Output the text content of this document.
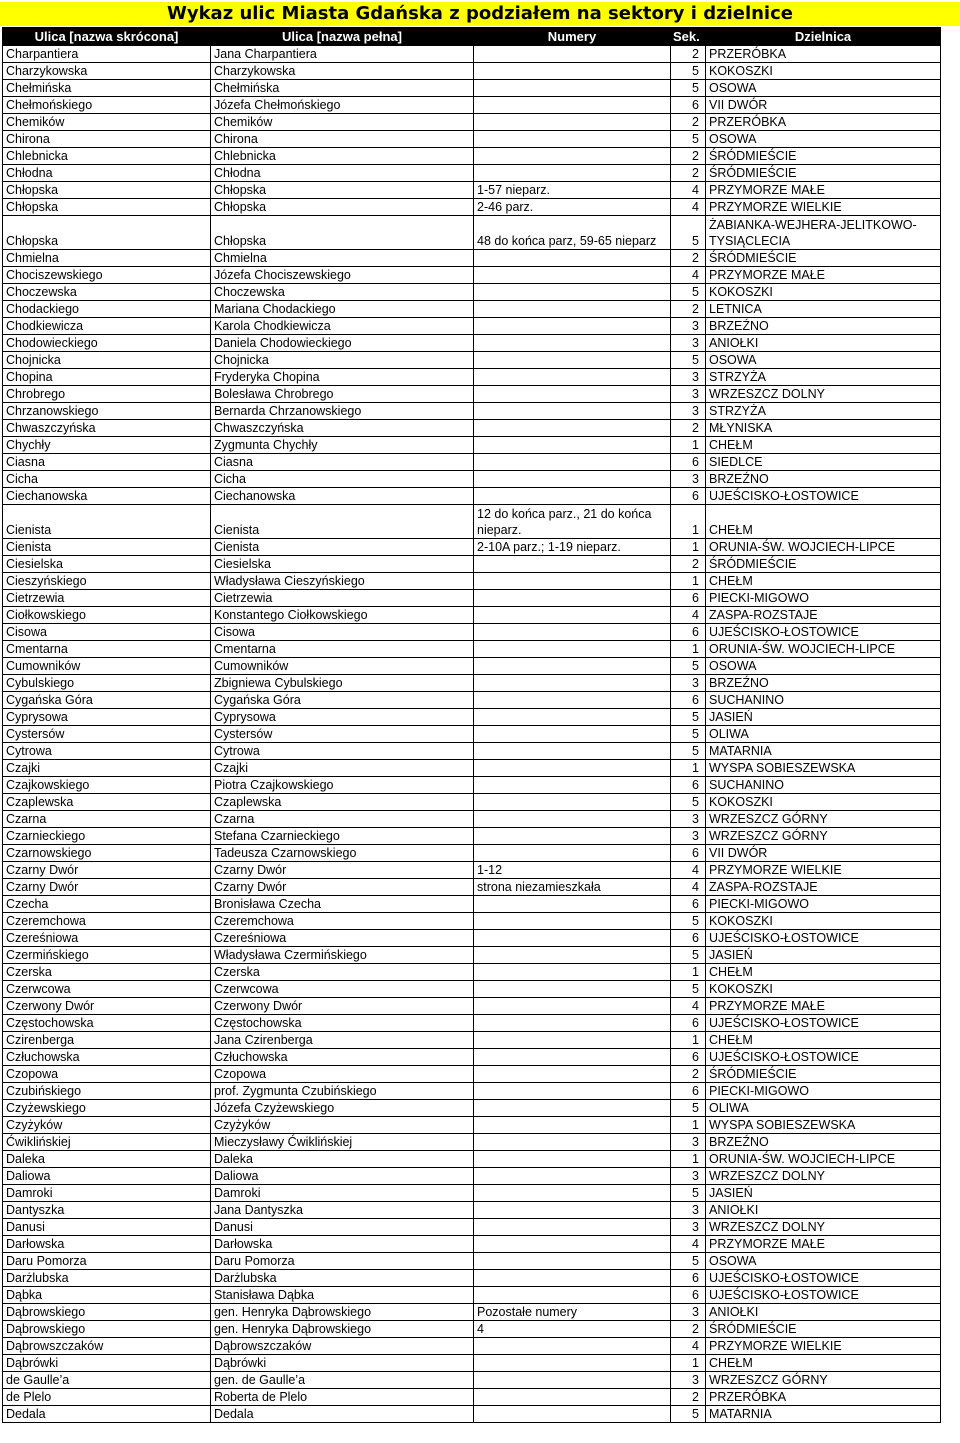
Wykaz ulic Miasta Gdańska z podziałem na sektory i dzielnice
Ulica [nazwa skrócona]	Ulica [nazwa pełna]	Numery	Sek.	Dzielnica
Charpantiera	Jana Charpantiera		2	PRZERÓBKA
Charzykowska	Charzykowska		5	KOKOSZKI
Chełmińska	Chełmińska		5	OSOWA
Chełmońskiego	Józefa Chełmońskiego		6	VII DWÓR
Chemików	Chemików		2	PRZERÓBKA
Chirona	Chirona		5	OSOWA
Chlebnicka	Chlebnicka		2	ŚRÓDMIEŚCIE
Chłodna	Chłodna		2	ŚRÓDMIEŚCIE
Chłopska	Chłopska	1-57 nieparz.	4	PRZYMORZE MAŁE
Chłopska	Chłopska	2-46 parz.	4	PRZYMORZE WIELKIE
Chłopska	Chłopska	48 do końca parz, 59-65 nieparz	5	ŻABIANKA-WEJHERA-JELITKOWO-TYSIĄCLECIA
Chmielna	Chmielna		2	ŚRÓDMIEŚCIE
Chociszewskiego	Józefa Chociszewskiego		4	PRZYMORZE MAŁE
Choczewska	Choczewska		5	KOKOSZKI
Chodackiego	Mariana Chodackiego		2	LETNICA
Chodkiewicza	Karola Chodkiewicza		3	BRZEŹNO
Chodowieckiego	Daniela Chodowieckiego		3	ANIOŁKI
Chojnicka	Chojnicka		5	OSOWA
Chopina	Fryderyka Chopina		3	STRZYŻA
Chrobrego	Bolesława Chrobrego		3	WRZESZCZ DOLNY
Chrzanowskiego	Bernarda Chrzanowskiego		3	STRZYŻA
Chwaszczyńska	Chwaszczyńska		2	MŁYNISKA
Chychły	Zygmunta Chychły		1	CHEŁM
Ciasna	Ciasna		6	SIEDLCE
Cicha	Cicha		3	BRZEŹNO
Ciechanowska	Ciechanowska		6	UJEŚCISKO-ŁOSTOWICE
Cienista	Cienista	12 do końca parz., 21 do końca nieparz.	1	CHEŁM
Cienista	Cienista	2-10A parz.; 1-19 nieparz.	1	ORUNIA-ŚW. WOJCIECH-LIPCE
Ciesielska	Ciesielska		2	ŚRÓDMIEŚCIE
Cieszyńskiego	Władysława Cieszyńskiego		1	CHEŁM
Cietrzewia	Cietrzewia		6	PIECKI-MIGOWO
Ciołkowskiego	Konstantego Ciołkowskiego		4	ZASPA-ROZSTAJE
Cisowa	Cisowa		6	UJEŚCISKO-ŁOSTOWICE
Cmentarna	Cmentarna		1	ORUNIA-ŚW. WOJCIECH-LIPCE
Cumowników	Cumowników		5	OSOWA
Cybulskiego	Zbigniewa Cybulskiego		3	BRZEŹNO
Cygańska Góra	Cygańska Góra		6	SUCHANINO
Cyprysowa	Cyprysowa		5	JASIEŃ
Cystersów	Cystersów		5	OLIWA
Cytrowa	Cytrowa		5	MATARNIA
Czajki	Czajki		1	WYSPA SOBIESZEWSKA
Czajkowskiego	Piotra Czajkowskiego		6	SUCHANINO
Czaplewska	Czaplewska		5	KOKOSZKI
Czarna	Czarna		3	WRZESZCZ GÓRNY
Czarnieckiego	Stefana Czarnieckiego		3	WRZESZCZ GÓRNY
Czarnowskiego	Tadeusza Czarnowskiego		6	VII DWÓR
Czarny Dwór	Czarny Dwór	1-12	4	PRZYMORZE WIELKIE
Czarny Dwór	Czarny Dwór	strona niezamieszkała	4	ZASPA-ROZSTAJE
Czecha	Bronisława Czecha		6	PIECKI-MIGOWO
Czeremchowa	Czeremchowa		5	KOKOSZKI
Czereśniowa	Czereśniowa		6	UJEŚCISKO-ŁOSTOWICE
Czermińskiego	Władysława Czermińskiego		5	JASIEŃ
Czerska	Czerska		1	CHEŁM
Czerwcowa	Czerwcowa		5	KOKOSZKI
Czerwony Dwór	Czerwony Dwór		4	PRZYMORZE MAŁE
Częstochowska	Częstochowska		6	UJEŚCISKO-ŁOSTOWICE
Czirenberga	Jana Czirenberga		1	CHEŁM
Człuchowska	Człuchowska		6	UJEŚCISKO-ŁOSTOWICE
Czopowa	Czopowa		2	ŚRÓDMIEŚCIE
Czubińskiego	prof. Zygmunta Czubińskiego		6	PIECKI-MIGOWO
Czyżewskiego	Józefa Czyżewskiego		5	OLIWA
Czyżyków	Czyżyków		1	WYSPA SOBIESZEWSKA
Ćwiklińskiej	Mieczysławy Ćwiklińskiej		3	BRZEŹNO
Daleka	Daleka		1	ORUNIA-ŚW. WOJCIECH-LIPCE
Daliowa	Daliowa		3	WRZESZCZ DOLNY
Damroki	Damroki		5	JASIEŃ
Dantyszka	Jana Dantyszka		3	ANIOŁKI
Danusi	Danusi		3	WRZESZCZ DOLNY
Darłowska	Darłowska		4	PRZYMORZE MAŁE
Daru Pomorza	Daru Pomorza		5	OSOWA
Darżlubska	Darżlubska		6	UJEŚCISKO-ŁOSTOWICE
Dąbka	Stanisława Dąbka		6	UJEŚCISKO-ŁOSTOWICE
Dąbrowskiego	gen. Henryka Dąbrowskiego	Pozostałe numery	3	ANIOŁKI
Dąbrowskiego	gen. Henryka Dąbrowskiego	4	2	ŚRÓDMIEŚCIE
Dąbrowszczaków	Dąbrowszczaków		4	PRZYMORZE WIELKIE
Dąbrówki	Dąbrówki		1	CHEŁM
de Gaulle’a	gen. de Gaulle’a		3	WRZESZCZ GÓRNY
de Plelo	Roberta de Plelo		2	PRZERÓBKA
Dedala	Dedala		5	MATARNIA
